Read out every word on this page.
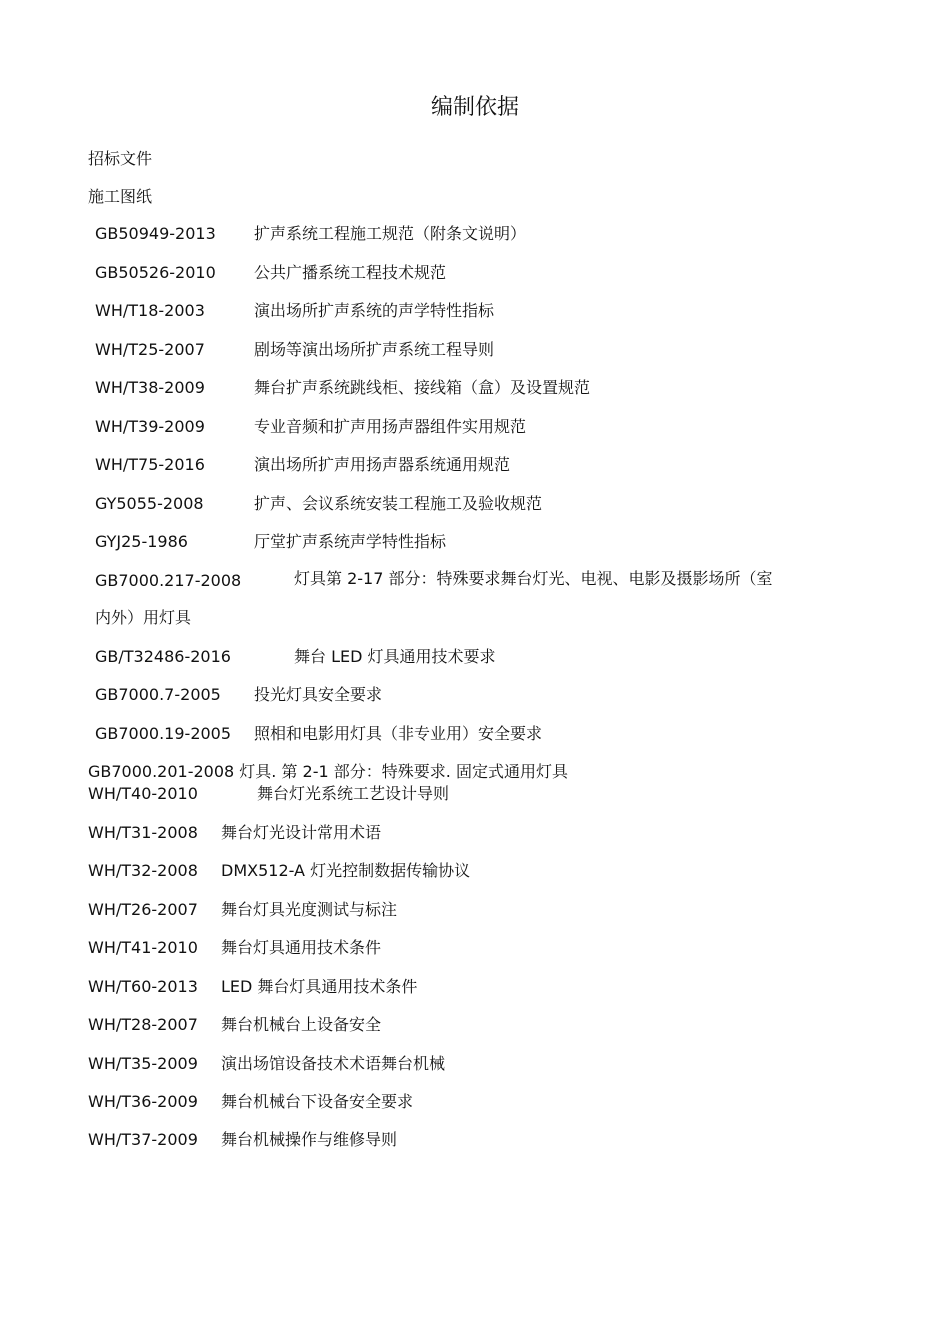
编制依据
招标文件
施工图纸
GB50949-2013 扩声系统工程施工规范（附条文说明）
GB50526-2010 公共广播系统工程技术规范
WH/T18-2003	演出场所扩声系统的声学特性指标
WH/T25-2007	剧场等演出场所扩声系统工程导则
WH/T38-2009	舞台扩声系统跳线柜、接线箱（盒）及设置规范
WH/T39-2009	专业音频和扩声用扬声器组件实用规范
WH/T75-2016	演出场所扩声用扬声器系统通用规范
GY5055-2008	扩声、会议系统安装工程施工及验收规范
GYJ25-1986	厅堂扩声系统声学特性指标
GB7000.217-2008	灯具第 2-17 部分：特殊要求舞台灯光、电视、电影及摄影场所（室
内外）用灯具
GB/T32486-2016	舞台 LED 灯具通用技术要求
GB7000.7-2005 投光灯具安全要求
GB7000.19-2005 照相和电影用灯具（非专业用）安全要求
GB7000.201-2008 灯具. 第 2-1 部分：特殊要求. 固定式通用灯具
WH/T40-2010	舞台灯光系统工艺设计导则
WH/T31-2008 舞台灯光设计常用术语
WH/T32-2008 DMX512-A 灯光控制数据传输协议
WH/T26-2007 舞台灯具光度测试与标注
WH/T41-2010 舞台灯具通用技术条件
WH/T60-2013 LED 舞台灯具通用技术条件
WH/T28-2007 舞台机械台上设备安全
WH/T35-2009 演出场馆设备技术术语舞台机械
WH/T36-2009 舞台机械台下设备安全要求
WH/T37-2009 舞台机械操作与维修导则
